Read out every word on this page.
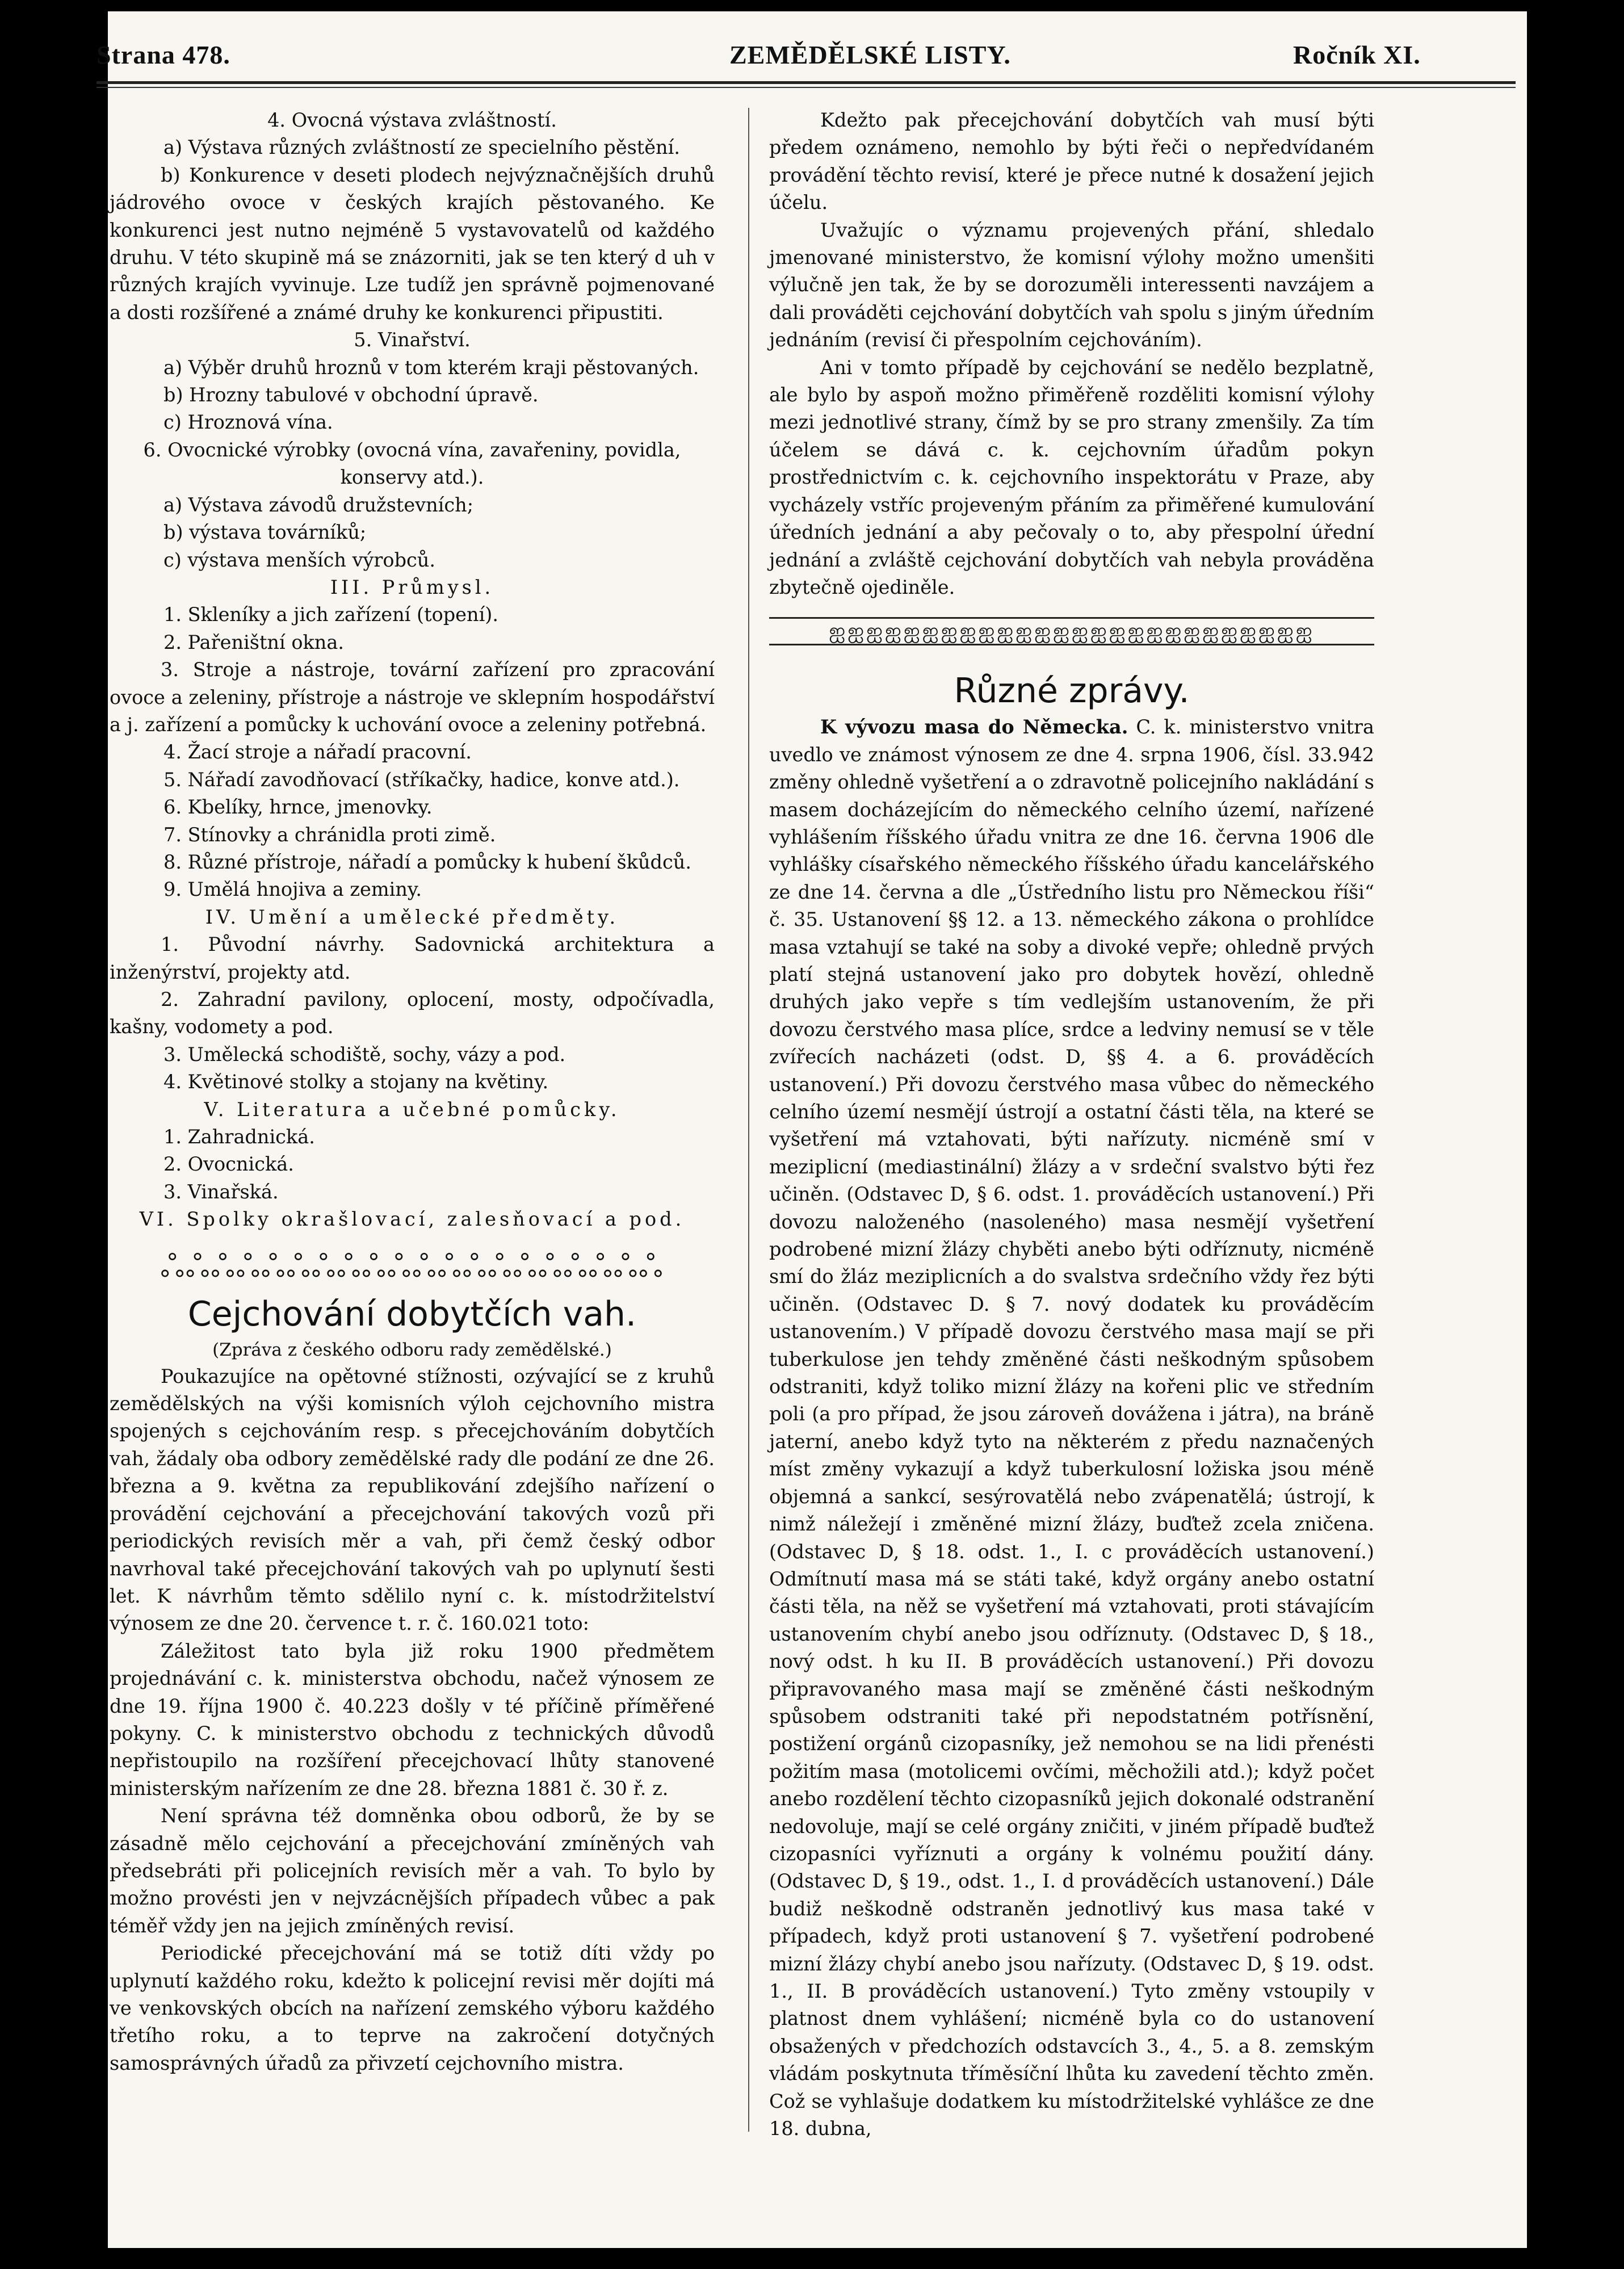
Strana 478.	ZEMĚDĚLSKÉ LISTY.	Ročník XI.

4. Ovocná výstava zvláštností.

a) Výstava různých zvláštností ze specielního pěstění.

b) Konkurence v deseti plodech nejvýznačnějších druhů jádrového ovoce v českých krajích pěstovaného. Ke konkurenci jest nutno nejméně 5 vystavovatelů od každého druhu. V této skupině má se znázorniti, jak se ten který d uh v různých krajích vyvinuje. Lze tudíž jen správně pojmenované a dosti rozšířené a známé druhy ke konkurenci připustiti.

5. Vinařství.

a) Výběr druhů hroznů v tom kterém kraji pěstovaných.

b) Hrozny tabulové v obchodní úpravě.

c) Hroznová vína.

6. Ovocnické výrobky (ovocná vína, zavařeniny, povidla, konservy atd.).

a) Výstava závodů družstevních;

b) výstava továrníků;

c) výstava menších výrobců.

III. Průmysl.

1. Skleníky a jich zařízení (topení).

2. Pařeništní okna.

3. Stroje a nástroje, tovární zařízení pro zpracování ovoce a zeleniny, přístroje a nástroje ve sklepním hospodářství a j. zařízení a pomůcky k uchování ovoce a zeleniny potřebná.

4. Žací stroje a nářadí pracovní.

5. Nářadí zavodňovací (stříkačky, hadice, konve atd.).

6. Kbelíky, hrnce, jmenovky.

7. Stínovky a chránidla proti zimě.

8. Různé přístroje, nářadí a pomůcky k hubení škůdců.

9. Umělá hnojiva a zeminy.

IV. Umění a umělecké předměty.

1. Původní návrhy. Sadovnická architektura a inženýrství, projekty atd.

2. Zahradní pavilony, oplocení, mosty, odpočívadla, kašny, vodomety a pod.

3. Umělecká schodiště, sochy, vázy a pod.

4. Květinové stolky a stojany na květiny.

V. Literatura a učebné pomůcky.

1. Zahradnická.

2. Ovocnická.

3. Vinařská.

VI. Spolky okrašlovací, zalesňovací a pod.

ஃஃஃஃஃஃஃஃஃஃஃஃஃஃஃஃஃஃஃஃ

Cejchování dobytčích vah.

(Zpráva z českého odboru rady zemědělské.)

Poukazujíce na opětovné stížnosti, ozývající se z kruhů zemědělských na výši komisních výloh cejchovního mistra spojených s cejchováním resp. s přecejchováním dobytčích vah, žádaly oba odbory zemědělské rady dle podání ze dne 26. března a 9. května za republikování zdejšího nařízení o provádění cejchování a přecejchování takových vozů při periodických revisích měr a vah, při čemž český odbor navrhoval také přecejchování takových vah po uplynutí šesti let. K návrhům těmto sdělilo nyní c. k. místodržitelství výnosem ze dne 20. července t. r. č. 160.021 toto:

Záležitost tato byla již roku 1900 předmětem projednávání c. k. ministerstva obchodu, načež výnosem ze dne 19. října 1900 č. 40.223 došly v té příčině příměřené pokyny. C. k ministerstvo obchodu z technických důvodů nepřistoupilo na rozšíření přecejchovací lhůty stanovené ministerským nařízením ze dne 28. března 1881 č. 30 ř. z.

Není správna též domněnka obou odborů, že by se zásadně mělo cejchování a přecejchování zmíněných vah předsebráti při policejních revisích měr a vah. To bylo by možno provésti jen v nejvzácnějších případech vůbec a pak téměř vždy jen na jejich zmíněných revisí.

Periodické přecejchování má se totiž díti vždy po uplynutí každého roku, kdežto k policejní revisi měr dojíti má ve venkovských obcích na nařízení zemského výboru každého třetího roku, a to teprve na zakročení dotyčných samosprávných úřadů za přivzetí cejchovního mistra.

Kdežto pak přecejchování dobytčích vah musí býti předem oznámeno, nemohlo by býti řeči o nepředvídaném provádění těchto revisí, které je přece nutné k dosažení jejich účelu.

Uvažujíc o významu projevených přání, shledalo jmenované ministerstvo, že komisní výlohy možno umenšiti výlučně jen tak, že by se dorozuměli interessenti navzájem a dali prováděti cejchování dobytčích vah spolu s jiným úředním jednáním (revisí či přespolním cejchováním).

Ani v tomto případě by cejchování se nedělo bezplatně, ale bylo by aspoň možno přiměřeně rozděliti komisní výlohy mezi jednotlivé strany, čímž by se pro strany zmenšily. Za tím účelem se dává c. k. cejchovním úřadům pokyn prostřednictvím c. k. cejchovního inspektorátu v Praze, aby vycházely vstříc projeveným přáním za přiměřené kumulování úředních jednání a aby pečovaly o to, aby přespolní úřední jednání a zvláště cejchování dobytčích vah nebyla prováděna zbytečně ojediněle.

ஐஐஐஐஐஐஐஐஐஐஐஐஐஐஐஐஐஐஐஐஐஐஐஐஐஐ

Různé zprávy.

K vývozu masa do Německa. C. k. ministerstvo vnitra uvedlo ve známost výnosem ze dne 4. srpna 1906, čísl. 33.942 změny ohledně vyšetření a o zdravotně policejního nakládání s masem docházejícím do německého celního území, nařízené vyhlášením říšského úřadu vnitra ze dne 16. června 1906 dle vyhlášky císařského německého říšského úřadu kancelářského ze dne 14. června a dle „Ústředního listu pro Německou říši“ č. 35. Ustanovení §§ 12. a 13. německého zákona o prohlídce masa vztahují se také na soby a divoké vepře; ohledně prvých platí stejná ustanovení jako pro dobytek hovězí, ohledně druhých jako vepře s tím vedlejším ustanovením, že při dovozu čerstvého masa plíce, srdce a ledviny nemusí se v těle zvířecích nacházeti (odst. D, §§ 4. a 6. prováděcích ustanovení.) Při dovozu čerstvého masa vůbec do německého celního území nesmějí ústrojí a ostatní části těla, na které se vyšetření má vztahovati, býti nařízuty. nicméně smí v meziplicní (mediastinální) žlázy a v srdeční svalstvo býti řez učiněn. (Odstavec D, § 6. odst. 1. prováděcích ustanovení.) Při dovozu naloženého (nasoleného) masa nesmějí vyšetření podrobené mizní žlázy chyběti anebo býti odříznuty, nicméně smí do žláz meziplicních a do svalstva srdečního vždy řez býti učiněn. (Odstavec D. § 7. nový dodatek ku prováděcím ustanovením.) V případě dovozu čerstvého masa mají se při tuberkulose jen tehdy změněné části neškodným spůsobem odstraniti, když toliko mizní žlázy na kořeni plic ve středním poli (a pro případ, že jsou zároveň dovážena i játra), na bráně jaterní, anebo když tyto na některém z předu naznačených míst změny vykazují a když tuberkulosní ložiska jsou méně objemná a sankcí, sesýrovatělá nebo zvápenatělá; ústrojí, k nimž náležejí i změněné mizní žlázy, buďtež zcela zničena. (Odstavec D, § 18. odst. 1., I. c prováděcích ustanovení.) Odmítnutí masa má se státi také, když orgány anebo ostatní části těla, na něž se vyšetření má vztahovati, proti stávajícím ustanovením chybí anebo jsou odříznuty. (Odstavec D, § 18., nový odst. h ku II. B prováděcích ustanovení.) Při dovozu připravovaného masa mají se změněné části neškodným spůsobem odstraniti také při nepodstatném potřísnění, postižení orgánů cizopasníky, jež nemohou se na lidi přenésti požitím masa (motolicemi ovčími, měchožili atd.); když počet anebo rozdělení těchto cizopasníků jejich dokonalé odstranění nedovoluje, mají se celé orgány zničiti, v jiném případě buďtež cizopasníci vyříznuti a orgány k volnému použití dány. (Odstavec D, § 19., odst. 1., I. d prováděcích ustanovení.) Dále budiž neškodně odstraněn jednotlivý kus masa také v případech, když proti ustanovení § 7. vyšetření podrobené mizní žlázy chybí anebo jsou nařízuty. (Odstavec D, § 19. odst. 1., II. B prováděcích ustanovení.) Tyto změny vstoupily v platnost dnem vyhlášení; nicméně byla co do ustanovení obsažených v předchozích odstavcích 3., 4., 5. a 8. zemským vládám poskytnuta tříměsíční lhůta ku zavedení těchto změn. Což se vyhlašuje dodatkem ku místodržitelské vyhlášce ze dne 18. dubna,
